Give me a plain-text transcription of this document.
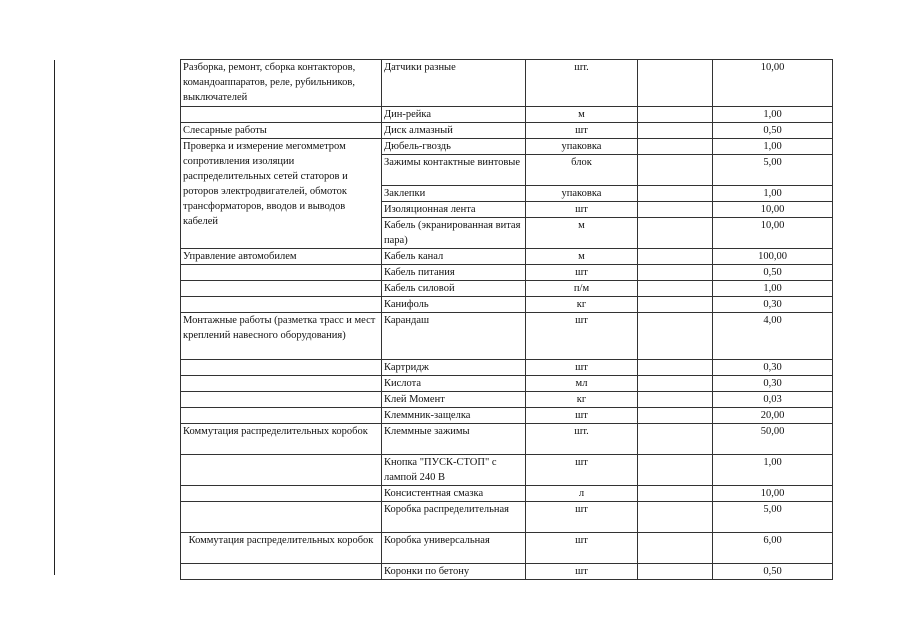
Разборка, ремонт, сборка контакторов, командоаппаратов, реле, рубильников, выключателей	Датчики разные	шт.		10,00
	Дин-рейка	м		1,00
Слесарные работы	Диск алмазный	шт		0,50
Проверка и измерение мегомметром сопротивления изоляции распределительных сетей статоров и роторов электродвигателей, обмоток трансформаторов, вводов и выводов кабелей	Дюбель-гвоздь	упаковка		1,00
	Зажимы контактные винтовые	блок		5,00
	Заклепки	упаковка		1,00
	Изоляционная лента	шт		10,00
	Кабель (экранированная витая пара)	м		10,00
Управление автомобилем	Кабель канал	м		100,00
	Кабель питания	шт		0,50
	Кабель силовой	п/м		1,00
	Канифоль	кг		0,30
Монтажные работы (разметка трасс и мест креплений навесного оборудования)	Карандаш	шт		4,00
	Картридж	шт		0,30
	Кислота	мл		0,30
	Клей Момент	кг		0,03
	Клеммник-защелка	шт		20,00
Коммутация распределительных коробок	Клеммные зажимы	шт.		50,00
	Кнопка "ПУСК-СТОП" с лампой 240 В	шт		1,00
	Консистентная смазка	л		10,00
	Коробка распределительная	шт		5,00
Коммутация распределительных коробок	Коробка универсальная	шт		6,00
	Коронки по бетону	шт		0,50
